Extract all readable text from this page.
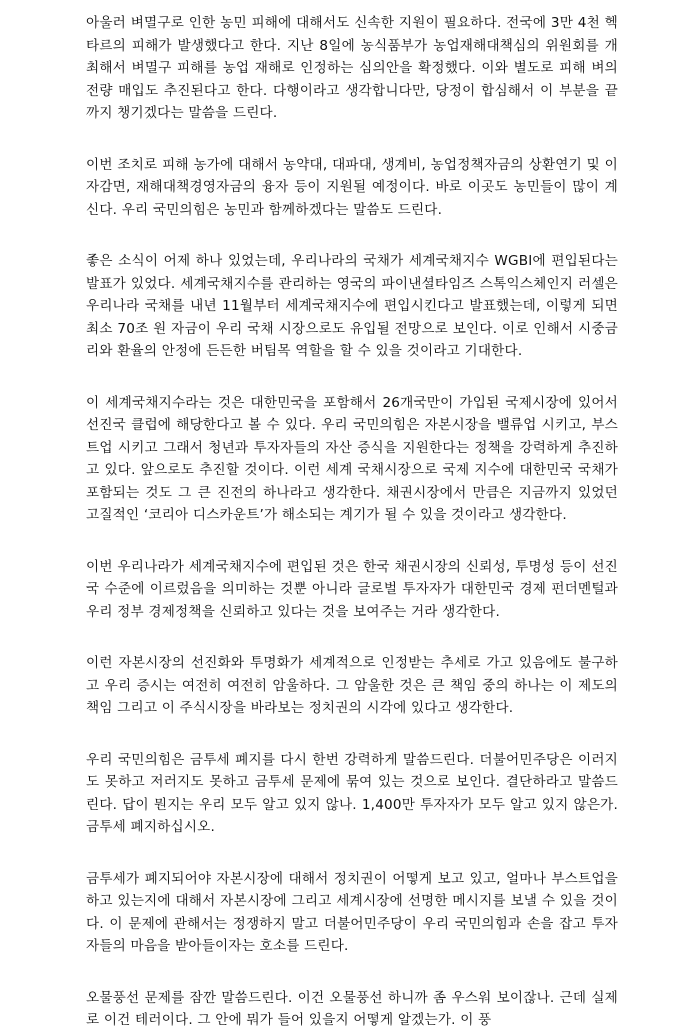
아울러 벼멸구로 인한 농민 피해에 대해서도 신속한 지원이 필요하다. 전국에 3만 4천 헥타르의 피해가 발생했다고 한다. 지난 8일에 농식품부가 농업재해대책심의 위원회를 개최해서 벼멸구 피해를 농업 재해로 인정하는 심의안을 확정했다. 이와 별도로 피해 벼의 전량 매입도 추진된다고 한다. 다행이라고 생각합니다만, 당정이 합심해서 이 부분을 끝까지 챙기겠다는 말씀을 드린다.

이번 조치로 피해 농가에 대해서 농약대, 대파대, 생계비, 농업정책자금의 상환연기 및 이자감면, 재해대책경영자금의 융자 등이 지원될 예정이다. 바로 이곳도 농민들이 많이 계신다. 우리 국민의힘은 농민과 함께하겠다는 말씀도 드린다.

좋은 소식이 어제 하나 있었는데, 우리나라의 국채가 세계국채지수 WGBI에 편입된다는 발표가 있었다. 세계국채지수를 관리하는 영국의 파이낸셜타임즈 스톡익스체인지 러셀은 우리나라 국채를 내년 11월부터 세계국채지수에 편입시킨다고 발표했는데, 이렇게 되면 최소 70조 원 자금이 우리 국채 시장으로도 유입될 전망으로 보인다. 이로 인해서 시중금리와 환율의 안정에 든든한 버팀목 역할을 할 수 있을 것이라고 기대한다.

이 세계국채지수라는 것은 대한민국을 포함해서 26개국만이 가입된 국제시장에 있어서 선진국 클럽에 해당한다고 볼 수 있다. 우리 국민의힘은 자본시장을 밸류업 시키고, 부스트업 시키고 그래서 청년과 투자자들의 자산 증식을 지원한다는 정책을 강력하게 추진하고 있다. 앞으로도 추진할 것이다. 이런 세계 국채시장으로 국제 지수에 대한민국 국채가 포함되는 것도 그 큰 진전의 하나라고 생각한다. 채권시장에서 만큼은 지금까지 있었던 고질적인 ‘코리아 디스카운트’가 해소되는 계기가 될 수 있을 것이라고 생각한다.

이번 우리나라가 세계국채지수에 편입된 것은 한국 채권시장의 신뢰성, 투명성 등이 선진국 수준에 이르렀음을 의미하는 것뿐 아니라 글로벌 투자자가 대한민국 경제 펀더멘털과 우리 정부 경제정책을 신뢰하고 있다는 것을 보여주는 거라 생각한다.

이런 자본시장의 선진화와 투명화가 세계적으로 인정받는 추세로 가고 있음에도 불구하고 우리 증시는 여전히 여전히 암울하다. 그 암울한 것은 큰 책임 중의 하나는 이 제도의 책임 그리고 이 주식시장을 바라보는 정치권의 시각에 있다고 생각한다.

우리 국민의힘은 금투세 폐지를 다시 한번 강력하게 말씀드린다. 더불어민주당은 이러지도 못하고 저러지도 못하고 금투세 문제에 묶여 있는 것으로 보인다. 결단하라고 말씀드린다. 답이 뭔지는 우리 모두 알고 있지 않나. 1,400만 투자자가 모두 알고 있지 않은가. 금투세 폐지하십시오.

금투세가 폐지되어야 자본시장에 대해서 정치권이 어떻게 보고 있고, 얼마나 부스트업을 하고 있는지에 대해서 자본시장에 그리고 세계시장에 선명한 메시지를 보낼 수 있을 것이다. 이 문제에 관해서는 정쟁하지 말고 더불어민주당이 우리 국민의힘과 손을 잡고 투자자들의 마음을 받아들이자는 호소를 드린다.

오물풍선 문제를 잠깐 말씀드린다. 이건 오물풍선 하니까 좀 우스워 보이잖나. 근데 실제로 이건 테러이다. 그 안에 뭐가 들어 있을지 어떻게 알겠는가. 이 풍
